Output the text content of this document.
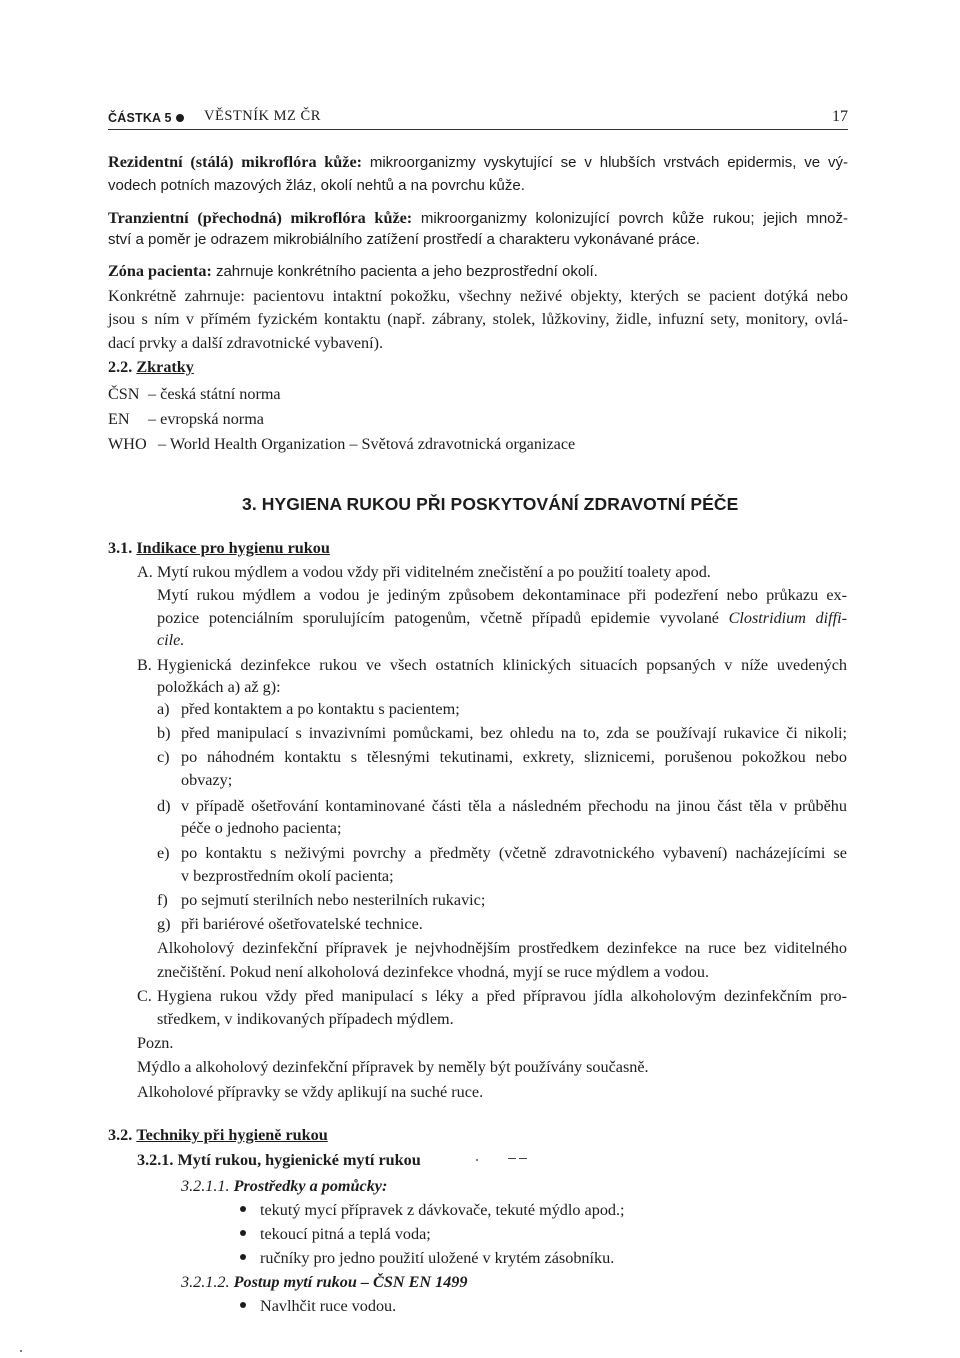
ČÁSTKA 5 VĚSTNÍK MZ ČR	17
Rezidentní (stálá) mikroflóra kůže: mikroorganizmy vyskytující se v hlubších vrstvách epidermis, ve vý-
vodech potních mazových žláz, okolí nehtů a na povrchu kůže.
Tranzientní (přechodná) mikroflóra kůže: mikroorganizmy kolonizující povrch kůže rukou; jejich množ-
ství a poměr je odrazem mikrobiálního zatížení prostředí a charakteru vykonávané práce.
Zóna pacienta: zahrnuje konkrétního pacienta a jeho bezprostřední okolí.
Konkrétně zahrnuje: pacientovu intaktní pokožku, všechny neživé objekty, kterých se pacient dotýká nebo
jsou s ním v přímém fyzickém kontaktu (např. zábrany, stolek, lůžkoviny, židle, infuzní sety, monitory, ovlá-
dací prvky a další zdravotnické vybavení).
2.2. Zkratky
ČSN – česká státní norma
EN – evropská norma
WHO – World Health Organization – Světová zdravotnická organizace
3. HYGIENA RUKOU PŘI POSKYTOVÁNÍ ZDRAVOTNÍ PÉČE
3.1. Indikace pro hygienu rukou
A. Mytí rukou mýdlem a vodou vždy při viditelném znečistění a po použití toalety apod.
Mytí rukou mýdlem a vodou je jediným způsobem dekontaminace při podezření nebo průkazu ex-
pozice potenciálním sporulujícím patogenům, včetně případů epidemie vyvolané Clostridium diffi-
cile.
B. Hygienická dezinfekce rukou ve všech ostatních klinických situacích popsaných v níže uvedených
položkách a) až g):
a) před kontaktem a po kontaktu s pacientem;
b) před manipulací s invazivními pomůckami, bez ohledu na to, zda se používají rukavice či nikoli;
c) po náhodném kontaktu s tělesnými tekutinami, exkrety, sliznicemi, porušenou pokožkou nebo
obvazy;
d) v případě ošetřování kontaminované části těla a následném přechodu na jinou část těla v průběhu
péče o jednoho pacienta;
e) po kontaktu s neživými povrchy a předměty (včetně zdravotnického vybavení) nacházejícími se
v bezprostředním okolí pacienta;
f) po sejmutí sterilních nebo nesterilních rukavic;
g) při bariérové ošetřovatelské technice.
Alkoholový dezinfekční přípravek je nejvhodnějším prostředkem dezinfekce na ruce bez viditelného
znečištění. Pokud není alkoholová dezinfekce vhodná, myjí se ruce mýdlem a vodou.
C. Hygiena rukou vždy před manipulací s léky a před přípravou jídla alkoholovým dezinfekčním pro-
středkem, v indikovaných případech mýdlem.
Pozn.
Mýdlo a alkoholový dezinfekční přípravek by neměly být používány současně.
Alkoholové přípravky se vždy aplikují na suché ruce.
3.2. Techniky při hygieně rukou
3.2.1. Mytí rukou, hygienické mytí rukou
3.2.1.1. Prostředky a pomůcky:
tekutý mycí přípravek z dávkovače, tekuté mýdlo apod.;
tekoucí pitná a teplá voda;
ručníky pro jedno použití uložené v krytém zásobníku.
3.2.1.2. Postup mytí rukou – ČSN EN 1499
Navlhčit ruce vodou.
